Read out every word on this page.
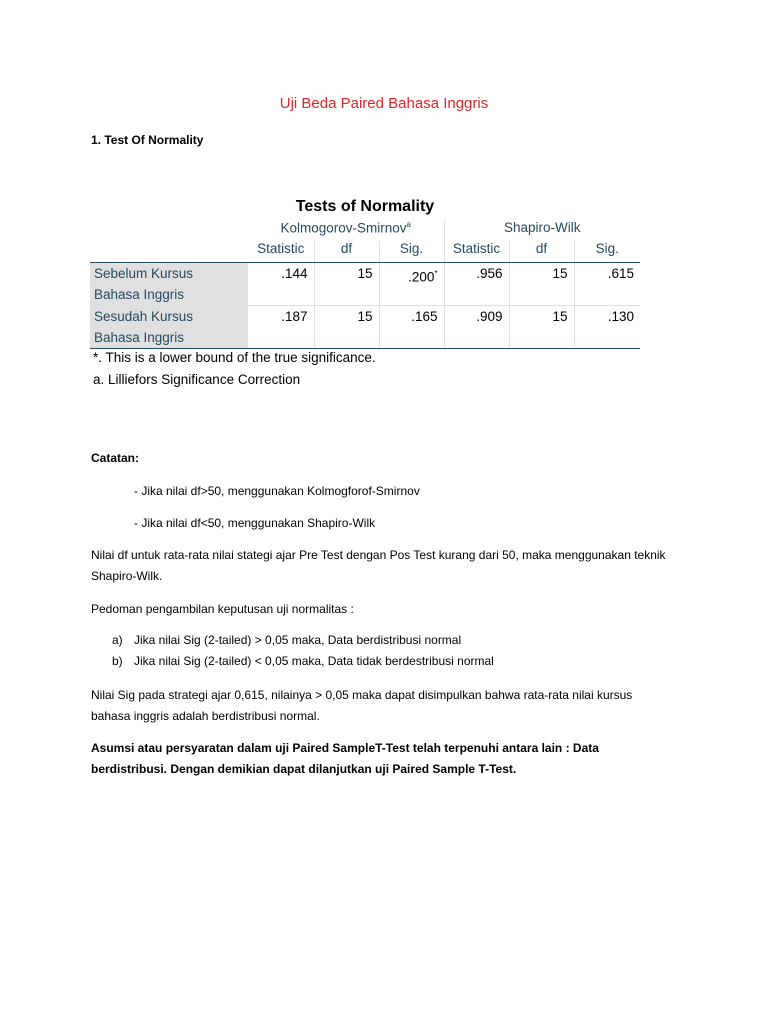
Uji Beda Paired Bahasa Inggris
1. Test Of Normality
Tests of Normality
	Kolmogorov-Smirnov$^a$			Shapiro-Wilk		
	Statistic	df	Sig.	Statistic	df	Sig.

Sebelum Kursus
Bahasa Inggris	.144	15	.200*	.956	15	.615

Sesudah Kursus
Bahasa Inggris	.187	15	.165	.909	15	.130
*. This is a lower bound of the true significance.
a. Lilliefors Significance Correction
Catatan:
- Jika nilai df>50, menggunakan Kolmogforof-Smirnov
- Jika nilai df<50, menggunakan Shapiro-Wilk
Nilai df untuk rata-rata nilai stategi ajar Pre Test dengan Pos Test kurang dari 50, maka menggunakan teknik Shapiro-Wilk.
Pedoman pengambilan keputusan uji normalitas :
a) Jika nilai Sig (2-tailed) > 0,05 maka, Data berdistribusi normal
b) Jika nilai Sig (2-tailed) < 0,05 maka, Data tidak berdestribusi normal
Nilai Sig pada strategi ajar 0,615, nilainya > 0,05 maka dapat disimpulkan bahwa rata-rata nilai kursus bahasa inggris adalah berdistribusi normal.
Asumsi atau persyaratan dalam uji Paired SampleT-Test telah terpenuhi antara lain : Data berdistribusi. Dengan demikian dapat dilanjutkan uji Paired Sample T-Test.
